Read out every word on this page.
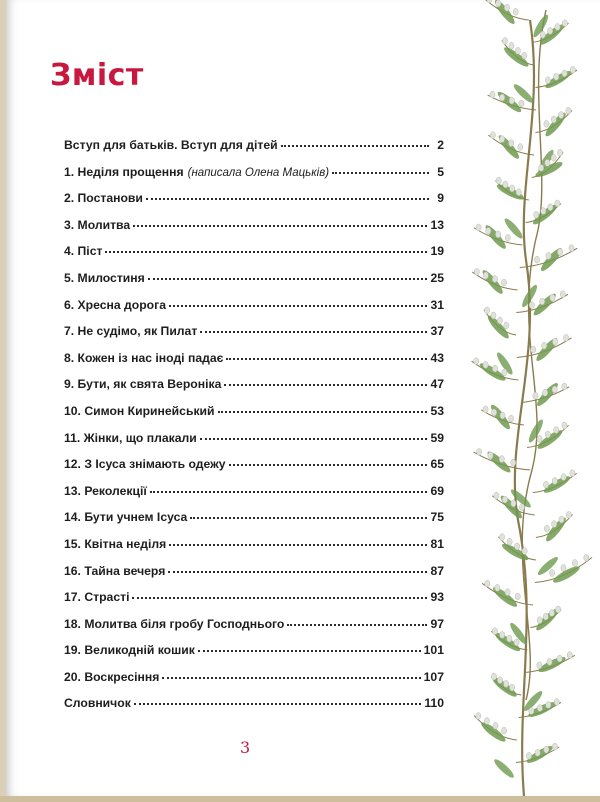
Зміст
Вступ для батьків. Вступ для дітей	2
1. Неділя прощення (написала Олена Мацьків)	5
2. Постанови	9
3. Молитва	13
4. Піст	19
5. Милостиня	25
6. Хресна дорога	31
7. Не судімо, як Пилат	37
8. Кожен із нас іноді падає	43
9. Бути, як свята Вероніка	47
10. Симон Киринейський	53
11. Жінки, що плакали	59
12. З Ісуса знімають одежу	65
13. Реколекції	69
14. Бути учнем Ісуса	75
15. Квітна неділя	81
16. Тайна вечеря	87
17. Страсті	93
18. Молитва біля гробу Господнього	97
19. Великодній кошик	101
20. Воскресіння	107
Словничок	110
3
